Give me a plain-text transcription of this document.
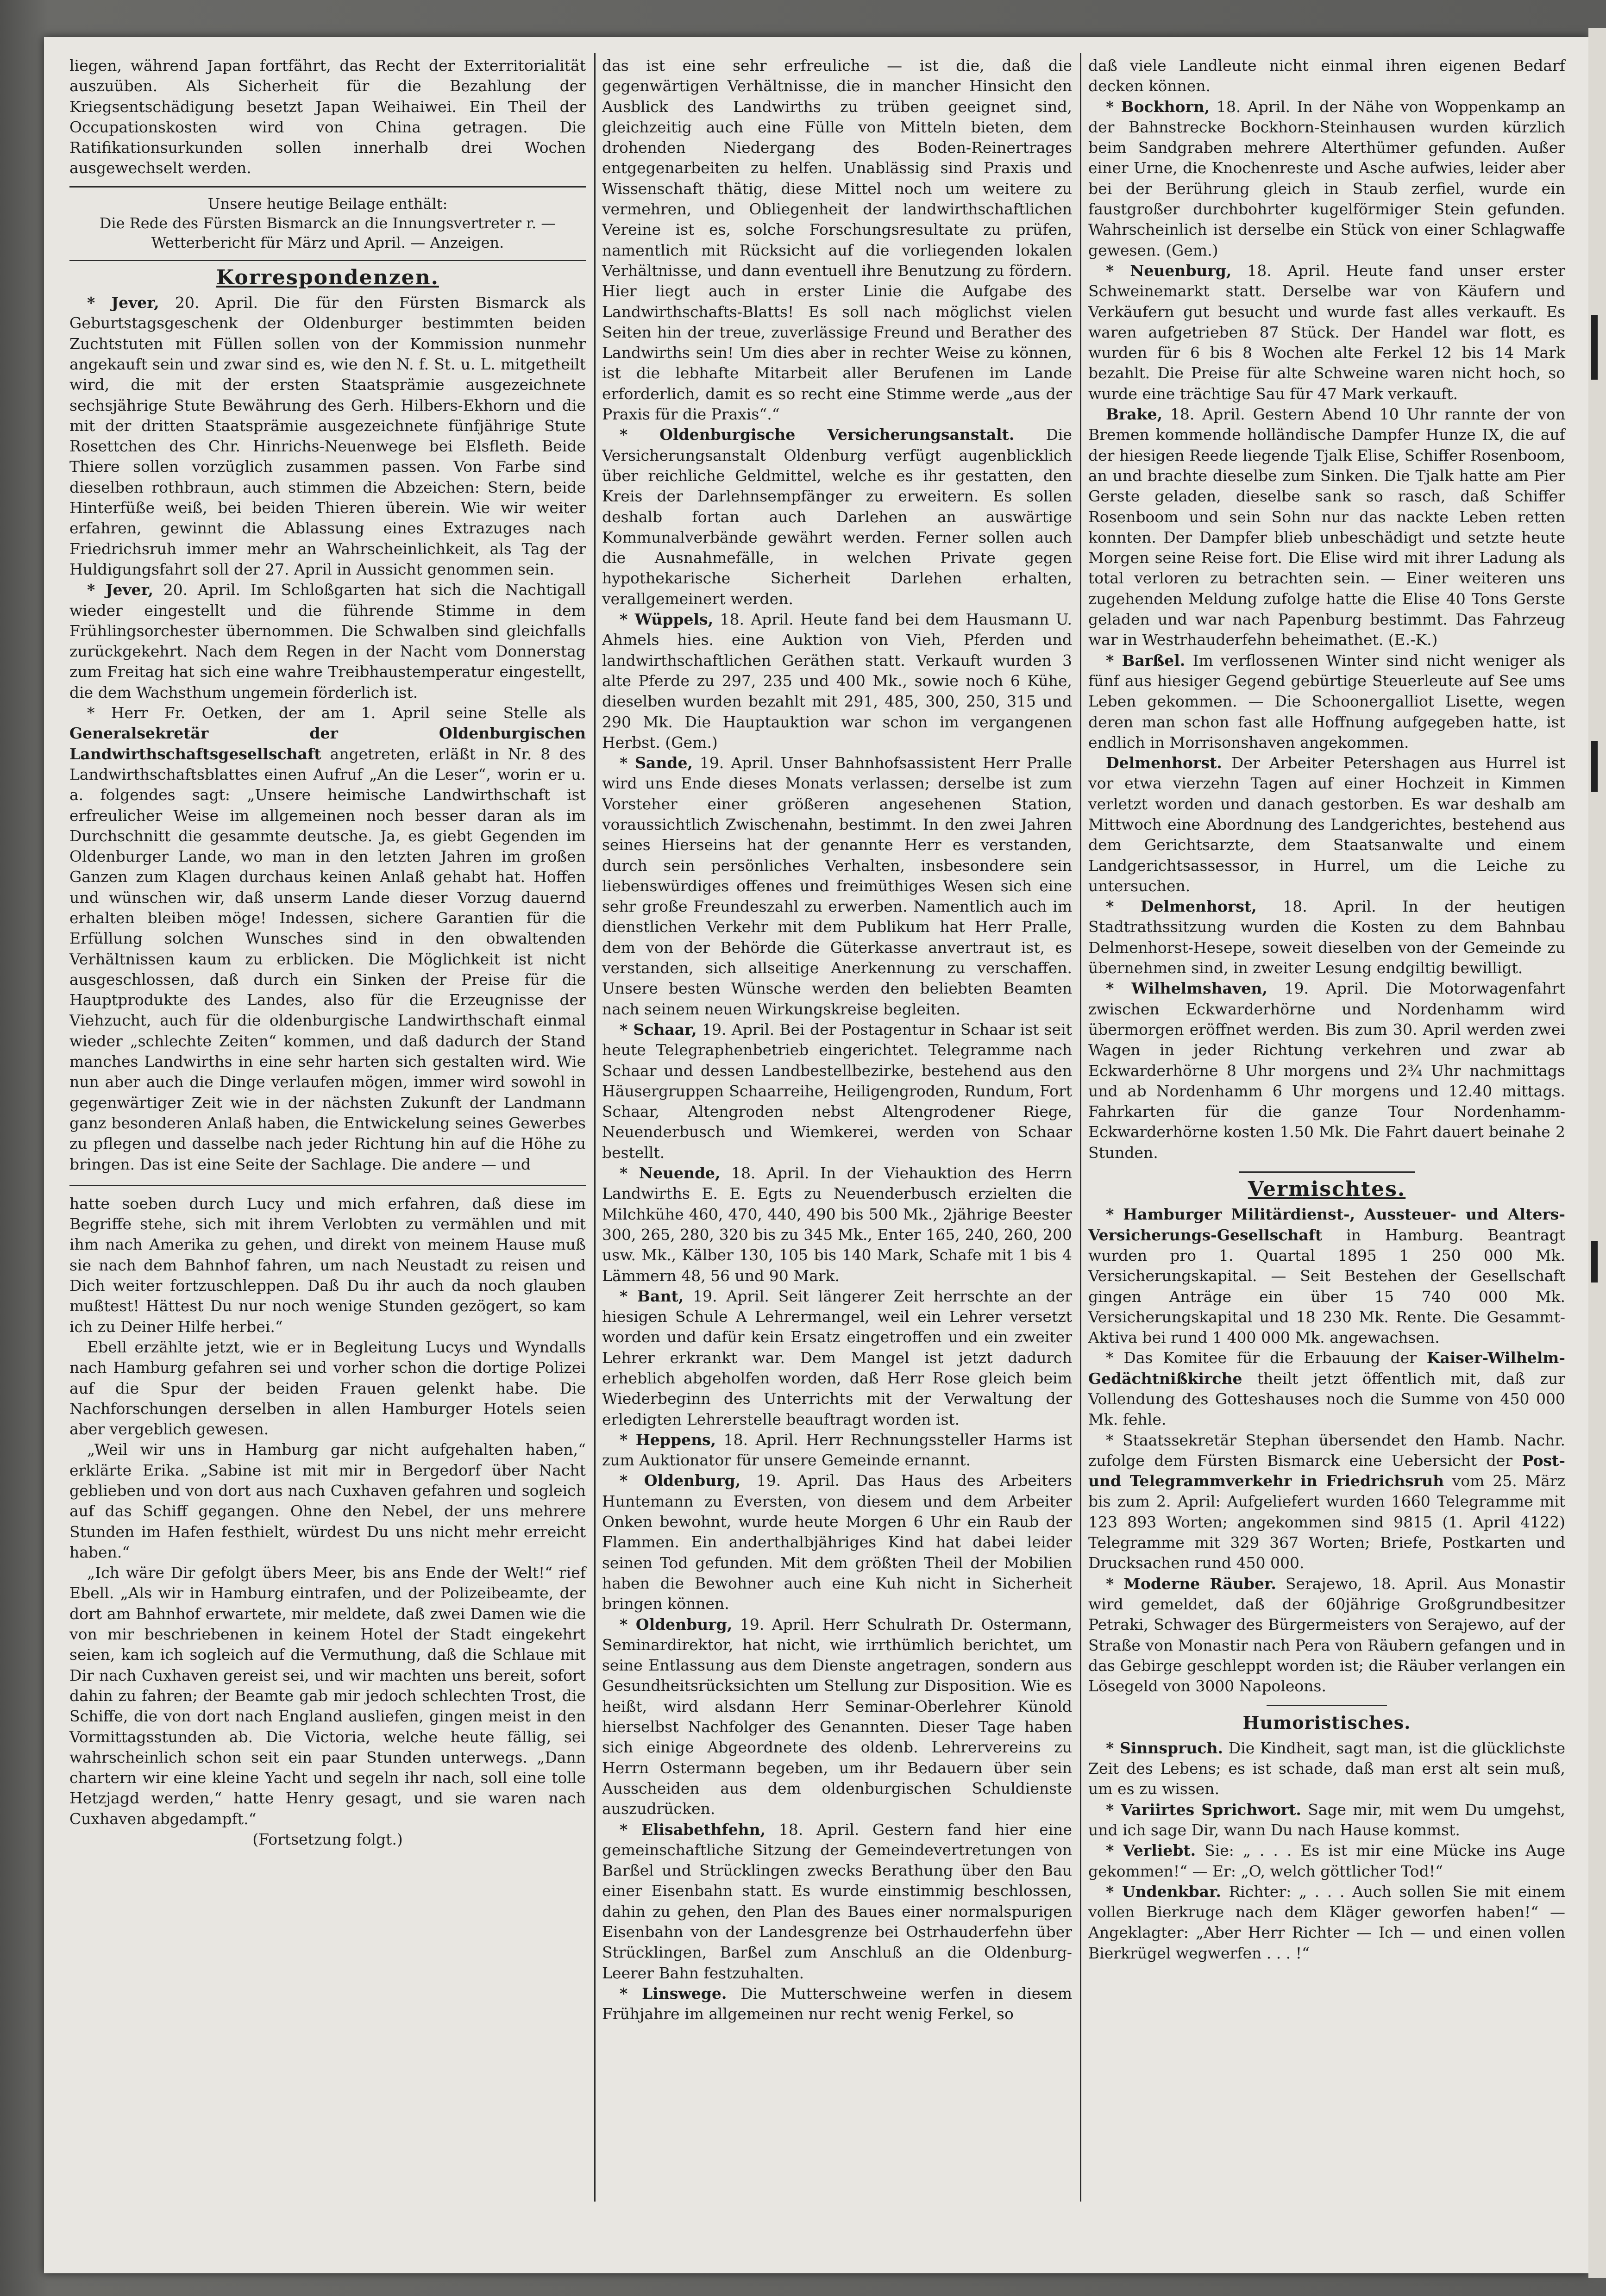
liegen, während Japan fortfährt, das Recht der Exterritorialität auszuüben. Als Sicherheit für die Bezahlung der Kriegsentschädigung besetzt Japan Weihaiwei. Ein Theil der Occupationskosten wird von China getragen. Die Ratifikationsurkunden sollen innerhalb drei Wochen ausgewechselt werden.

Unsere heutige Beilage enthält:
Die Rede des Fürsten Bismarck an die Innungsvertreter r. — Wetterbericht für März und April. — Anzeigen.
Korrespondenzen.

* Jever, 20. April. Die für den Fürsten Bismarck als Geburtstagsgeschenk der Oldenburger bestimmten beiden Zuchtstuten mit Füllen sollen von der Kommission nunmehr angekauft sein und zwar sind es, wie den N. f. St. u. L. mitgetheilt wird, die mit der ersten Staatsprämie ausgezeichnete sechsjährige Stute Bewährung des Gerh. Hilbers-Ekhorn und die mit der dritten Staatsprämie ausgezeichnete fünfjährige Stute Rosettchen des Chr. Hinrichs-Neuenwege bei Elsfleth. Beide Thiere sollen vorzüglich zusammen passen. Von Farbe sind dieselben rothbraun, auch stimmen die Abzeichen: Stern, beide Hinterfüße weiß, bei beiden Thieren überein. Wie wir weiter erfahren, gewinnt die Ablassung eines Extrazuges nach Friedrichsruh immer mehr an Wahrscheinlichkeit, als Tag der Huldigungsfahrt soll der 27. April in Aussicht genommen sein.

* Jever, 20. April. Im Schloßgarten hat sich die Nachtigall wieder eingestellt und die führende Stimme in dem Frühlingsorchester übernommen. Die Schwalben sind gleichfalls zurückgekehrt. Nach dem Regen in der Nacht vom Donnerstag zum Freitag hat sich eine wahre Treibhaustemperatur eingestellt, die dem Wachsthum ungemein förderlich ist.

* Herr Fr. Oetken, der am 1. April seine Stelle als Generalsekretär der Oldenburgischen Landwirthschaftsgesellschaft angetreten, erläßt in Nr. 8 des Landwirthschaftsblattes einen Aufruf „An die Leser“, worin er u. a. folgendes sagt: „Unsere heimische Landwirthschaft ist erfreulicher Weise im allgemeinen noch besser daran als im Durchschnitt die gesammte deutsche. Ja, es giebt Gegenden im Oldenburger Lande, wo man in den letzten Jahren im großen Ganzen zum Klagen durchaus keinen Anlaß gehabt hat. Hoffen und wünschen wir, daß unserm Lande dieser Vorzug dauernd erhalten bleiben möge! Indessen, sichere Garantien für die Erfüllung solchen Wunsches sind in den obwaltenden Verhältnissen kaum zu erblicken. Die Möglichkeit ist nicht ausgeschlossen, daß durch ein Sinken der Preise für die Hauptprodukte des Landes, also für die Erzeugnisse der Viehzucht, auch für die oldenburgische Landwirthschaft einmal wieder „schlechte Zeiten“ kommen, und daß dadurch der Stand manches Landwirths in eine sehr harten sich gestalten wird. Wie nun aber auch die Dinge verlaufen mögen, immer wird sowohl in gegenwärtiger Zeit wie in der nächsten Zukunft der Landmann ganz besonderen Anlaß haben, die Entwickelung seines Gewerbes zu pflegen und dasselbe nach jeder Richtung hin auf die Höhe zu bringen. Das ist eine Seite der Sachlage. Die andere — und

hatte soeben durch Lucy und mich erfahren, daß diese im Begriffe stehe, sich mit ihrem Verlobten zu vermählen und mit ihm nach Amerika zu gehen, und direkt von meinem Hause muß sie nach dem Bahnhof fahren, um nach Neustadt zu reisen und Dich weiter fortzuschleppen. Daß Du ihr auch da noch glauben mußtest! Hättest Du nur noch wenige Stunden gezögert, so kam ich zu Deiner Hilfe herbei.“

Ebell erzählte jetzt, wie er in Begleitung Lucys und Wyndalls nach Hamburg gefahren sei und vorher schon die dortige Polizei auf die Spur der beiden Frauen gelenkt habe. Die Nachforschungen derselben in allen Hamburger Hotels seien aber vergeblich gewesen.

„Weil wir uns in Hamburg gar nicht aufgehalten haben,“ erklärte Erika. „Sabine ist mit mir in Bergedorf über Nacht geblieben und von dort aus nach Cuxhaven gefahren und sogleich auf das Schiff gegangen. Ohne den Nebel, der uns mehrere Stunden im Hafen festhielt, würdest Du uns nicht mehr erreicht haben.“

„Ich wäre Dir gefolgt übers Meer, bis ans Ende der Welt!“ rief Ebell. „Als wir in Hamburg eintrafen, und der Polizeibeamte, der dort am Bahnhof erwartete, mir meldete, daß zwei Damen wie die von mir beschriebenen in keinem Hotel der Stadt eingekehrt seien, kam ich sogleich auf die Vermuthung, daß die Schlaue mit Dir nach Cuxhaven gereist sei, und wir machten uns bereit, sofort dahin zu fahren; der Beamte gab mir jedoch schlechten Trost, die Schiffe, die von dort nach England ausliefen, gingen meist in den Vormittagsstunden ab. Die Victoria, welche heute fällig, sei wahrscheinlich schon seit ein paar Stunden unterwegs. „Dann chartern wir eine kleine Yacht und segeln ihr nach, soll eine tolle Hetzjagd werden,“ hatte Henry gesagt, und sie waren nach Cuxhaven abgedampft.“

(Fortsetzung folgt.)

das ist eine sehr erfreuliche — ist die, daß die gegenwärtigen Verhältnisse, die in mancher Hinsicht den Ausblick des Landwirths zu trüben geeignet sind, gleichzeitig auch eine Fülle von Mitteln bieten, dem drohenden Niedergang des Boden-Reinertrages entgegenarbeiten zu helfen. Unablässig sind Praxis und Wissenschaft thätig, diese Mittel noch um weitere zu vermehren, und Obliegenheit der landwirthschaftlichen Vereine ist es, solche Forschungsresultate zu prüfen, namentlich mit Rücksicht auf die vorliegenden lokalen Verhältnisse, und dann eventuell ihre Benutzung zu fördern. Hier liegt auch in erster Linie die Aufgabe des Landwirthschafts-Blatts! Es soll nach möglichst vielen Seiten hin der treue, zuverlässige Freund und Berather des Landwirths sein! Um dies aber in rechter Weise zu können, ist die lebhafte Mitarbeit aller Berufenen im Lande erforderlich, damit es so recht eine Stimme werde „aus der Praxis für die Praxis“.“

* Oldenburgische Versicherungsanstalt. Die Versicherungsanstalt Oldenburg verfügt augenblicklich über reichliche Geldmittel, welche es ihr gestatten, den Kreis der Darlehnsempfänger zu erweitern. Es sollen deshalb fortan auch Darlehen an auswärtige Kommunalverbände gewährt werden. Ferner sollen auch die Ausnahmefälle, in welchen Private gegen hypothekarische Sicherheit Darlehen erhalten, verallgemeinert werden.

* Wüppels, 18. April. Heute fand bei dem Hausmann U. Ahmels hies. eine Auktion von Vieh, Pferden und landwirthschaftlichen Geräthen statt. Verkauft wurden 3 alte Pferde zu 297, 235 und 400 Mk., sowie noch 6 Kühe, dieselben wurden bezahlt mit 291, 485, 300, 250, 315 und 290 Mk. Die Hauptauktion war schon im vergangenen Herbst. (Gem.)

* Sande, 19. April. Unser Bahnhofsassistent Herr Pralle wird uns Ende dieses Monats verlassen; derselbe ist zum Vorsteher einer größeren angesehenen Station, voraussichtlich Zwischenahn, bestimmt. In den zwei Jahren seines Hierseins hat der genannte Herr es verstanden, durch sein persönliches Verhalten, insbesondere sein liebenswürdiges offenes und freimüthiges Wesen sich eine sehr große Freundeszahl zu erwerben. Namentlich auch im dienstlichen Verkehr mit dem Publikum hat Herr Pralle, dem von der Behörde die Güterkasse anvertraut ist, es verstanden, sich allseitige Anerkennung zu verschaffen. Unsere besten Wünsche werden den beliebten Beamten nach seinem neuen Wirkungskreise begleiten.

* Schaar, 19. April. Bei der Postagentur in Schaar ist seit heute Telegraphenbetrieb eingerichtet. Telegramme nach Schaar und dessen Landbestellbezirke, bestehend aus den Häusergruppen Schaarreihe, Heiligengroden, Rundum, Fort Schaar, Altengroden nebst Altengrodener Riege, Neuenderbusch und Wiemkerei, werden von Schaar bestellt.

* Neuende, 18. April. In der Viehauktion des Herrn Landwirths E. E. Egts zu Neuenderbusch erzielten die Milchkühe 460, 470, 440, 490 bis 500 Mk., 2jährige Beester 300, 265, 280, 320 bis zu 345 Mk., Enter 165, 240, 260, 200 usw. Mk., Kälber 130, 105 bis 140 Mark, Schafe mit 1 bis 4 Lämmern 48, 56 und 90 Mark.

* Bant, 19. April. Seit längerer Zeit herrschte an der hiesigen Schule A Lehrermangel, weil ein Lehrer versetzt worden und dafür kein Ersatz eingetroffen und ein zweiter Lehrer erkrankt war. Dem Mangel ist jetzt dadurch erheblich abgeholfen worden, daß Herr Rose gleich beim Wiederbeginn des Unterrichts mit der Verwaltung der erledigten Lehrerstelle beauftragt worden ist.

* Heppens, 18. April. Herr Rechnungssteller Harms ist zum Auktionator für unsere Gemeinde ernannt.

* Oldenburg, 19. April. Das Haus des Arbeiters Huntemann zu Eversten, von diesem und dem Arbeiter Onken bewohnt, wurde heute Morgen 6 Uhr ein Raub der Flammen. Ein anderthalbjähriges Kind hat dabei leider seinen Tod gefunden. Mit dem größten Theil der Mobilien haben die Bewohner auch eine Kuh nicht in Sicherheit bringen können.

* Oldenburg, 19. April. Herr Schulrath Dr. Ostermann, Seminardirektor, hat nicht, wie irrthümlich berichtet, um seine Entlassung aus dem Dienste angetragen, sondern aus Gesundheitsrücksichten um Stellung zur Disposition. Wie es heißt, wird alsdann Herr Seminar-Oberlehrer Künold hierselbst Nachfolger des Genannten. Dieser Tage haben sich einige Abgeordnete des oldenb. Lehrervereins zu Herrn Ostermann begeben, um ihr Bedauern über sein Ausscheiden aus dem oldenburgischen Schuldienste auszudrücken.

* Elisabethfehn, 18. April. Gestern fand hier eine gemeinschaftliche Sitzung der Gemeindevertretungen von Barßel und Strücklingen zwecks Berathung über den Bau einer Eisenbahn statt. Es wurde einstimmig beschlossen, dahin zu gehen, den Plan des Baues einer normalspurigen Eisenbahn von der Landesgrenze bei Ostrhauderfehn über Strücklingen, Barßel zum Anschluß an die Oldenburg-Leerer Bahn festzuhalten.

* Linswege. Die Mutterschweine werfen in diesem Frühjahre im allgemeinen nur recht wenig Ferkel, so

daß viele Landleute nicht einmal ihren eigenen Bedarf decken können.

* Bockhorn, 18. April. In der Nähe von Woppenkamp an der Bahnstrecke Bockhorn-Steinhausen wurden kürzlich beim Sandgraben mehrere Alterthümer gefunden. Außer einer Urne, die Knochenreste und Asche aufwies, leider aber bei der Berührung gleich in Staub zerfiel, wurde ein faustgroßer durchbohrter kugelförmiger Stein gefunden. Wahrscheinlich ist derselbe ein Stück von einer Schlagwaffe gewesen. (Gem.)

* Neuenburg, 18. April. Heute fand unser erster Schweinemarkt statt. Derselbe war von Käufern und Verkäufern gut besucht und wurde fast alles verkauft. Es waren aufgetrieben 87 Stück. Der Handel war flott, es wurden für 6 bis 8 Wochen alte Ferkel 12 bis 14 Mark bezahlt. Die Preise für alte Schweine waren nicht hoch, so wurde eine trächtige Sau für 47 Mark verkauft.

Brake, 18. April. Gestern Abend 10 Uhr rannte der von Bremen kommende holländische Dampfer Hunze IX, die auf der hiesigen Reede liegende Tjalk Elise, Schiffer Rosenboom, an und brachte dieselbe zum Sinken. Die Tjalk hatte am Pier Gerste geladen, dieselbe sank so rasch, daß Schiffer Rosenboom und sein Sohn nur das nackte Leben retten konnten. Der Dampfer blieb unbeschädigt und setzte heute Morgen seine Reise fort. Die Elise wird mit ihrer Ladung als total verloren zu betrachten sein. — Einer weiteren uns zugehenden Meldung zufolge hatte die Elise 40 Tons Gerste geladen und war nach Papenburg bestimmt. Das Fahrzeug war in Westrhauderfehn beheimathet. (E.-K.)

* Barßel. Im verflossenen Winter sind nicht weniger als fünf aus hiesiger Gegend gebürtige Steuerleute auf See ums Leben gekommen. — Die Schoonergalliot Lisette, wegen deren man schon fast alle Hoffnung aufgegeben hatte, ist endlich in Morrisonshaven angekommen.

Delmenhorst. Der Arbeiter Petershagen aus Hurrel ist vor etwa vierzehn Tagen auf einer Hochzeit in Kimmen verletzt worden und danach gestorben. Es war deshalb am Mittwoch eine Abordnung des Landgerichtes, bestehend aus dem Gerichtsarzte, dem Staatsanwalte und einem Landgerichtsassessor, in Hurrel, um die Leiche zu untersuchen.

* Delmenhorst, 18. April. In der heutigen Stadtrathssitzung wurden die Kosten zu dem Bahnbau Delmenhorst-Hesepe, soweit dieselben von der Gemeinde zu übernehmen sind, in zweiter Lesung endgiltig bewilligt.

* Wilhelmshaven, 19. April. Die Motorwagenfahrt zwischen Eckwarderhörne und Nordenhamm wird übermorgen eröffnet werden. Bis zum 30. April werden zwei Wagen in jeder Richtung verkehren und zwar ab Eckwarderhörne 8 Uhr morgens und 2¾ Uhr nachmittags und ab Nordenhamm 6 Uhr morgens und 12.40 mittags. Fahrkarten für die ganze Tour Nordenhamm-Eckwarderhörne kosten 1.50 Mk. Die Fahrt dauert beinahe 2 Stunden.

Vermischtes.

* Hamburger Militärdienst-, Aussteuer- und Alters-Versicherungs-Gesellschaft in Hamburg. Beantragt wurden pro 1. Quartal 1895 1 250 000 Mk. Versicherungskapital. — Seit Bestehen der Gesellschaft gingen Anträge ein über 15 740 000 Mk. Versicherungskapital und 18 230 Mk. Rente. Die Gesammt-Aktiva bei rund 1 400 000 Mk. angewachsen.

* Das Komitee für die Erbauung der Kaiser-Wilhelm-Gedächtnißkirche theilt jetzt öffentlich mit, daß zur Vollendung des Gotteshauses noch die Summe von 450 000 Mk. fehle.

* Staatssekretär Stephan übersendet den Hamb. Nachr. zufolge dem Fürsten Bismarck eine Uebersicht der Post- und Telegrammverkehr in Friedrichsruh vom 25. März bis zum 2. April: Aufgeliefert wurden 1660 Telegramme mit 123 893 Worten; angekommen sind 9815 (1. April 4122) Telegramme mit 329 367 Worten; Briefe, Postkarten und Drucksachen rund 450 000.

* Moderne Räuber. Serajewo, 18. April. Aus Monastir wird gemeldet, daß der 60jährige Großgrundbesitzer Petraki, Schwager des Bürgermeisters von Serajewo, auf der Straße von Monastir nach Pera von Räubern gefangen und in das Gebirge geschleppt worden ist; die Räuber verlangen ein Lösegeld von 3000 Napoleons.

Humoristisches.

* Sinnspruch. Die Kindheit, sagt man, ist die glücklichste Zeit des Lebens; es ist schade, daß man erst alt sein muß, um es zu wissen.

* Variirtes Sprichwort. Sage mir, mit wem Du umgehst, und ich sage Dir, wann Du nach Hause kommst.

* Verliebt. Sie: „ . . . Es ist mir eine Mücke ins Auge gekommen!“ — Er: „O, welch göttlicher Tod!“

* Undenkbar. Richter: „ . . . Auch sollen Sie mit einem vollen Bierkruge nach dem Kläger geworfen haben!“ — Angeklagter: „Aber Herr Richter — Ich — und einen vollen Bierkrügel wegwerfen . . . !“
